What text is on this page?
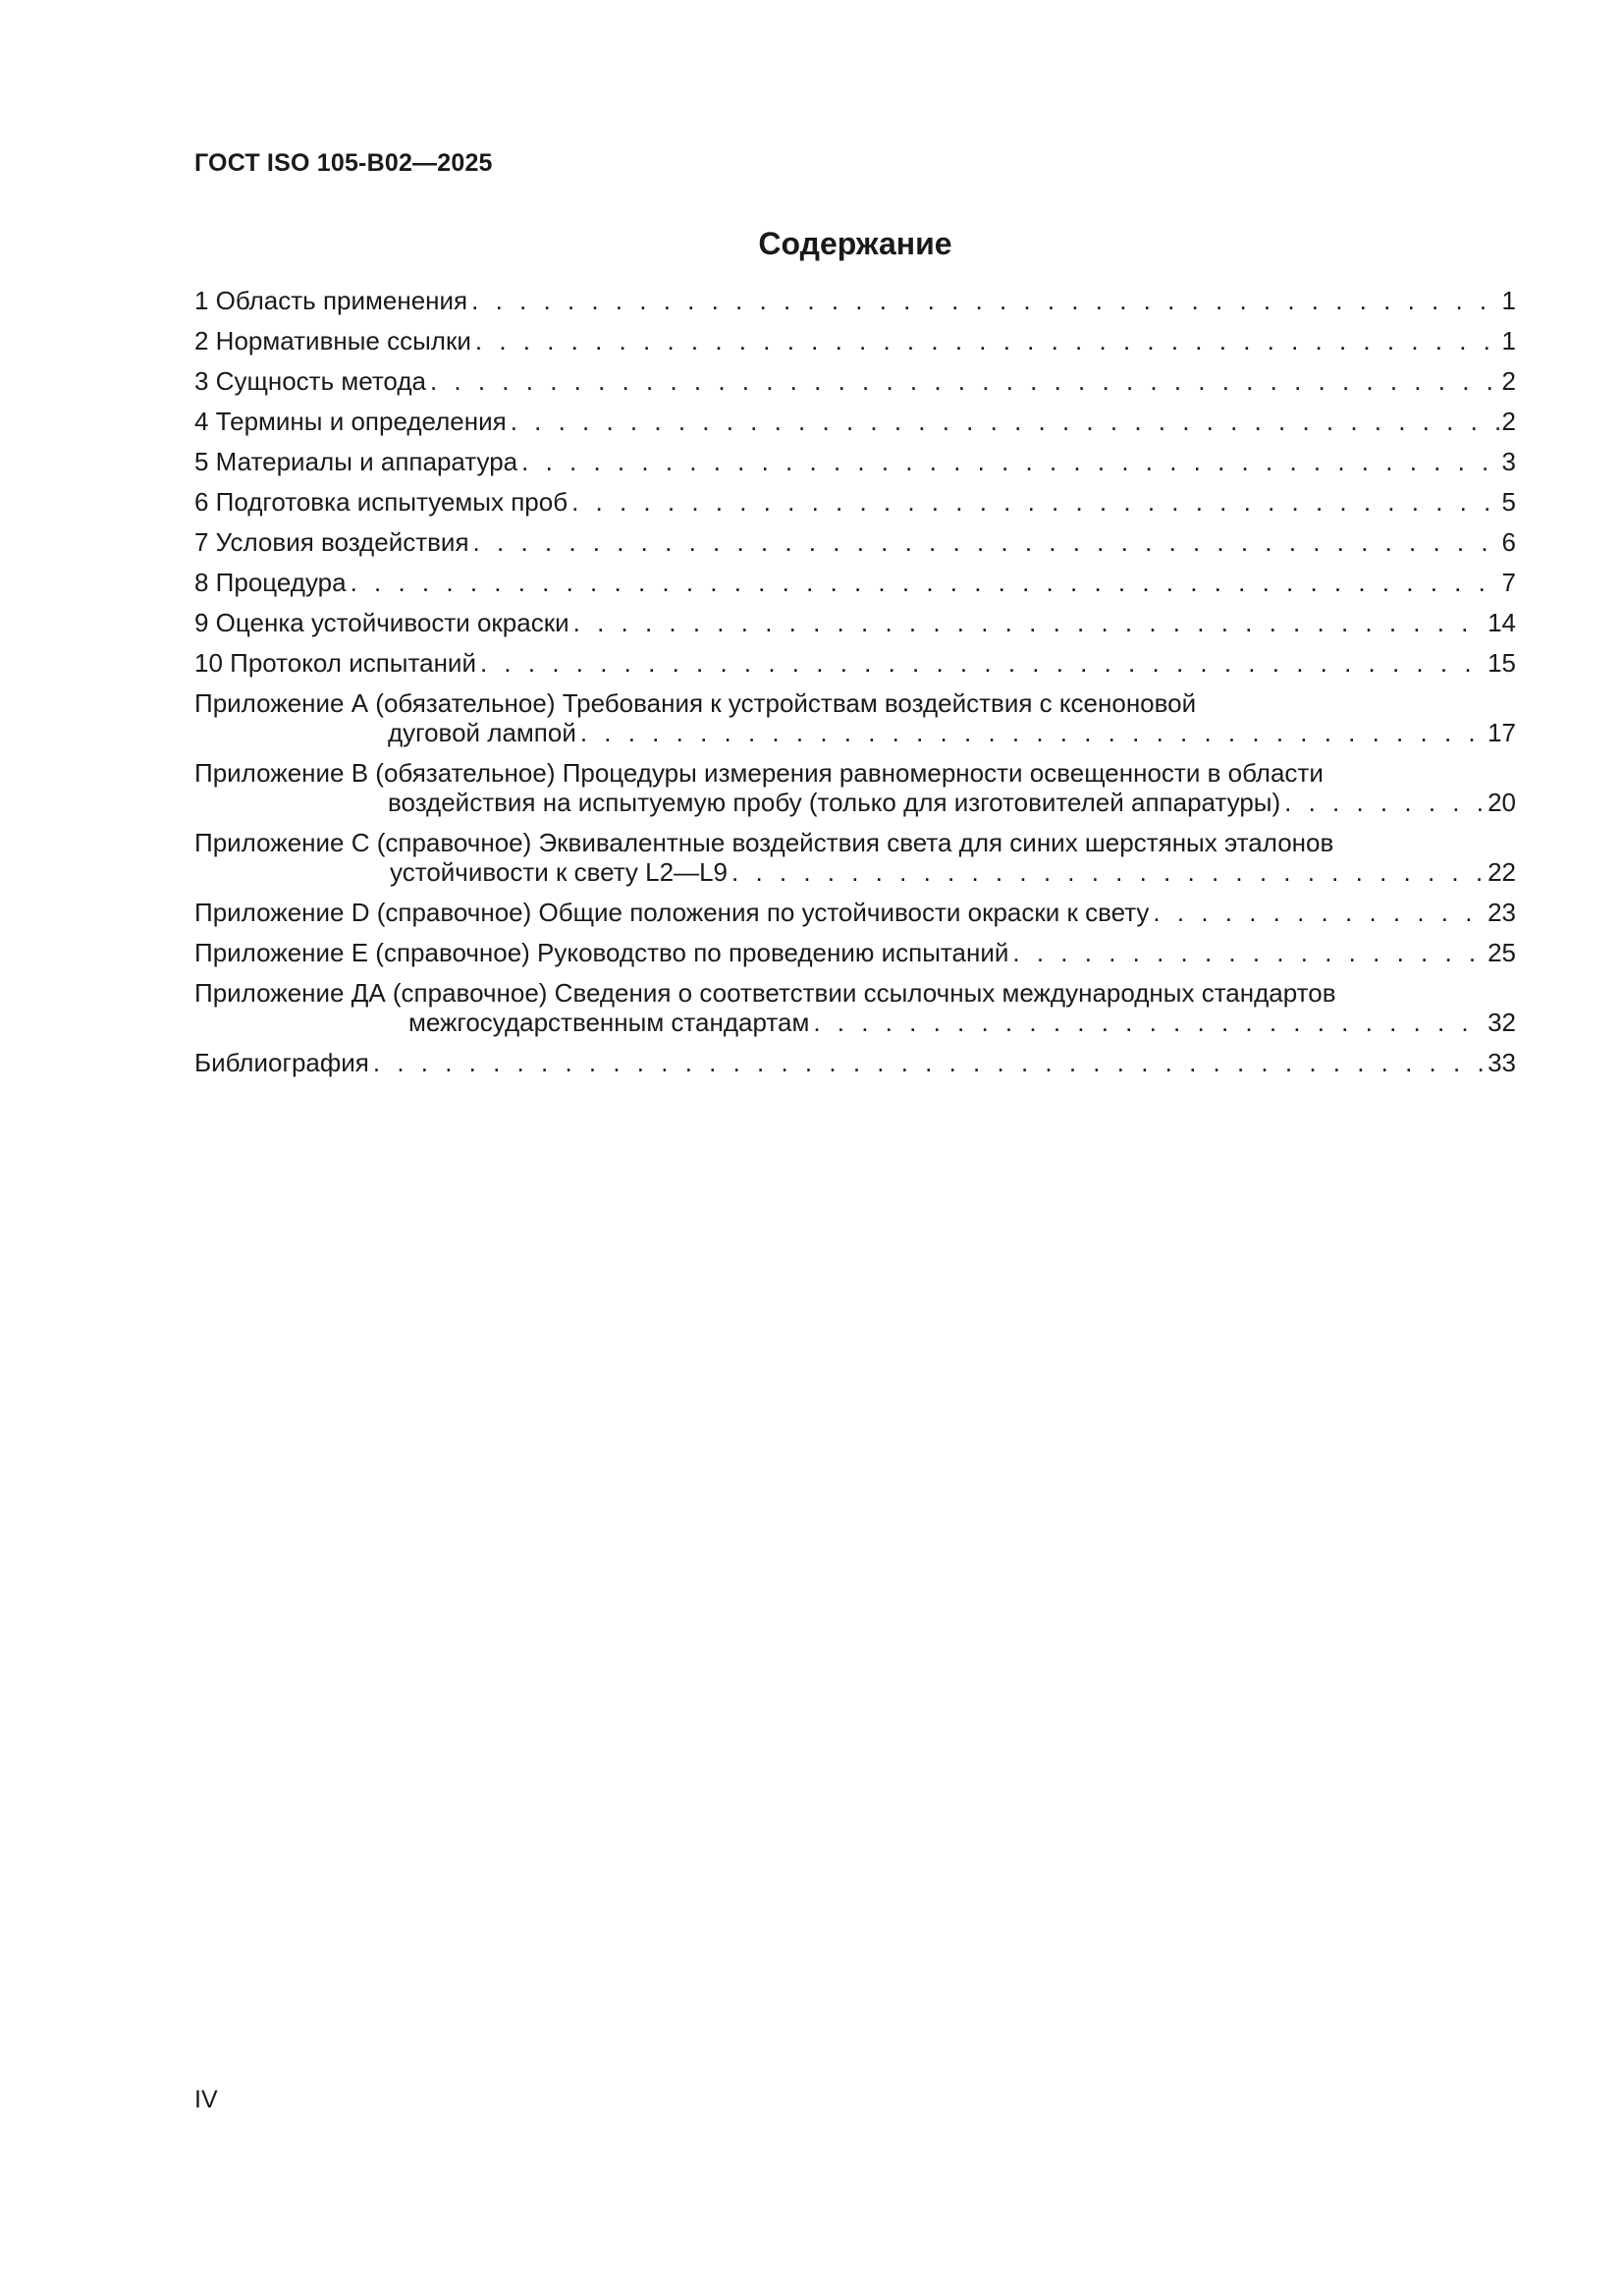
ГОСТ ISO 105-B02—2025
Содержание
1 Область применения . . .	1
2 Нормативные ссылки . . .	1
3 Сущность метода . . .	2
4 Термины и определения . . .	2
5 Материалы и аппаратура . . .	3
6 Подготовка испытуемых проб . . .	5
7 Условия воздействия . . .	6
8 Процедура . . .	7
9 Оценка устойчивости окраски . . .	14
10 Протокол испытаний . . .	15
Приложение А (обязательное) Требования к устройствам воздействия с ксеноновой
дуговой лампой . . .	17
Приложение В (обязательное) Процедуры измерения равномерности освещенности в области
воздействия на испытуемую пробу (только для изготовителей аппаратуры) . . .	20
Приложение С (справочное) Эквивалентные воздействия света для синих шерстяных эталонов
устойчивости к свету L2—L9 . . .	22
Приложение D (справочное) Общие положения по устойчивости окраски к свету . . .	23
Приложение Е (справочное) Руководство по проведению испытаний . . .	25
Приложение ДА (справочное) Сведения о соответствии ссылочных международных стандартов
межгосударственным стандартам . . .	32
Библиография . . .	33
IV
